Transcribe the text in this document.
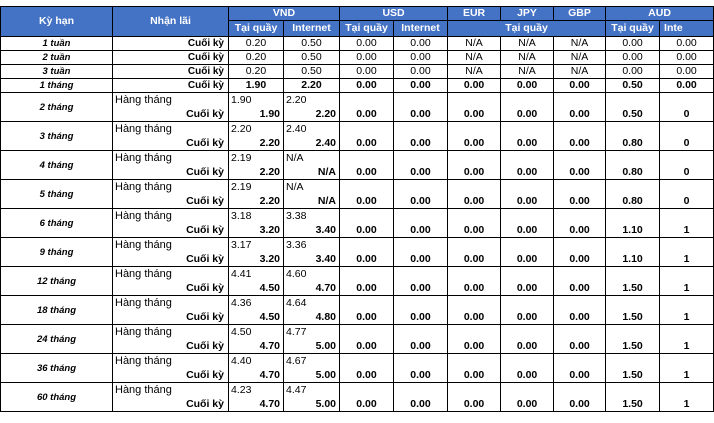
Kỳ hạn	Nhận lãi	VND		USD		EUR	JPY	GBP	AUD	
		Tại quầy	Internet	Tại quầy	Internet	Tại quầy			Tại quầy	Inte
1 tuần	Cuối kỳ	0.20	0.50	0.00	0.00	N/A	N/A	N/A	0.00	0.00
2 tuần	Cuối kỳ	0.20	0.50	0.00	0.00	N/A	N/A	N/A	0.00	0.00
3 tuần	Cuối kỳ	0.20	0.50	0.00	0.00	N/A	N/A	N/A	0.00	0.00
1 tháng	Cuối kỳ	1.90	2.20	0.00	0.00	0.00	0.00	0.00	0.50	0.00
2 tháng	Hàng tháng	1.90	2.20	0.00	0.00	0.00	0.00	0.00	0.50	0
	Cuối kỳ	1.90	2.20							
3 tháng	Hàng tháng	2.20	2.40	0.00	0.00	0.00	0.00	0.00	0.80	0
	Cuối kỳ	2.20	2.40							
4 tháng	Hàng tháng	2.19	N/A	0.00	0.00	0.00	0.00	0.00	0.80	0
	Cuối kỳ	2.20	N/A							
5 tháng	Hàng tháng	2.19	N/A	0.00	0.00	0.00	0.00	0.00	0.80	0
	Cuối kỳ	2.20	N/A							
6 tháng	Hàng tháng	3.18	3.38	0.00	0.00	0.00	0.00	0.00	1.10	1
	Cuối kỳ	3.20	3.40							
9 tháng	Hàng tháng	3.17	3.36	0.00	0.00	0.00	0.00	0.00	1.10	1
	Cuối kỳ	3.20	3.40							
12 tháng	Hàng tháng	4.41	4.60	0.00	0.00	0.00	0.00	0.00	1.50	1
	Cuối kỳ	4.50	4.70							
18 tháng	Hàng tháng	4.36	4.64	0.00	0.00	0.00	0.00	0.00	1.50	1
	Cuối kỳ	4.50	4.80							
24 tháng	Hàng tháng	4.50	4.77	0.00	0.00	0.00	0.00	0.00	1.50	1
	Cuối kỳ	4.70	5.00							
36 tháng	Hàng tháng	4.40	4.67	0.00	0.00	0.00	0.00	0.00	1.50	1
	Cuối kỳ	4.70	5.00							
60 tháng	Hàng tháng	4.23	4.47	0.00	0.00	0.00	0.00	0.00	1.50	1
	Cuối kỳ	4.70	5.00							
